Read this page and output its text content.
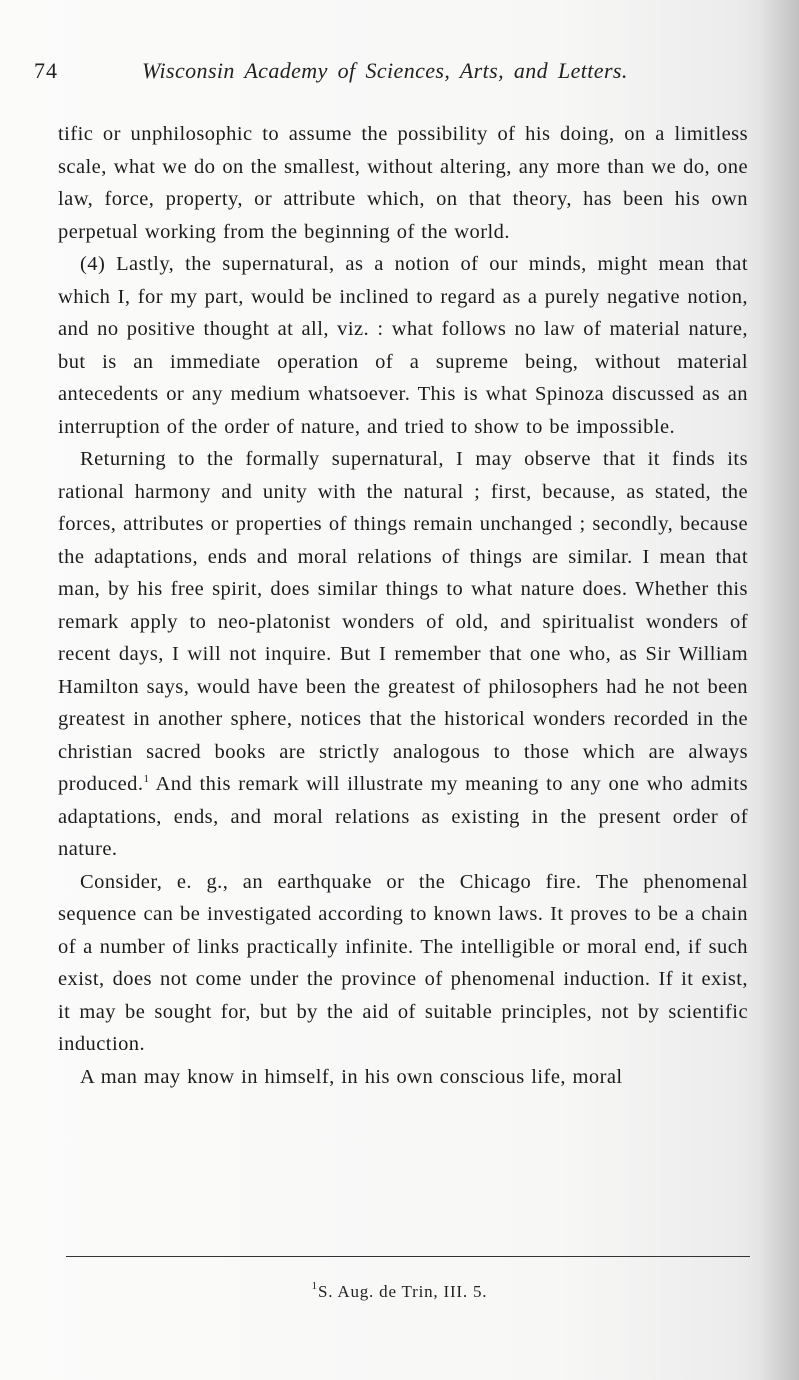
74	Wisconsin Academy of Sciences, Arts, and Letters.

tific or unphilosophic to assume the possibility of his doing, on a limitless scale, what we do on the smallest, without altering, any more than we do, one law, force, property, or attribute which, on that theory, has been his own perpetual working from the beginning of the world.

(4) Lastly, the supernatural, as a notion of our minds, might mean that which I, for my part, would be inclined to regard as a purely negative notion, and no positive thought at all, viz. : what follows no law of material nature, but is an immediate operation of a supreme being, without material antecedents or any medium whatsoever. This is what Spinoza discussed as an interruption of the order of nature, and tried to show to be impossible.

Returning to the formally supernatural, I may observe that it finds its rational harmony and unity with the natural ; first, because, as stated, the forces, attributes or properties of things remain unchanged ; secondly, because the adaptations, ends and moral relations of things are similar. I mean that man, by his free spirit, does similar things to what nature does. Whether this remark apply to neo-platonist wonders of old, and spiritualist wonders of recent days, I will not inquire. But I remember that one who, as Sir William Hamilton says, would have been the greatest of philosophers had he not been greatest in another sphere, notices that the historical wonders recorded in the christian sacred books are strictly analogous to those which are always produced.$^1$ And this remark will illustrate my meaning to any one who admits adaptations, ends, and moral relations as existing in the present order of nature.

Consider, e. g., an earthquake or the Chicago fire. The phenomenal sequence can be investigated according to known laws. It proves to be a chain of a number of links practically infinite. The intelligible or moral end, if such exist, does not come under the province of phenomenal induction. If it exist, it may be sought for, but by the aid of suitable principles, not by scientific induction.

A man may know in himself, in his own conscious life, moral

$^1$S. Aug. de Trin, III. 5.
